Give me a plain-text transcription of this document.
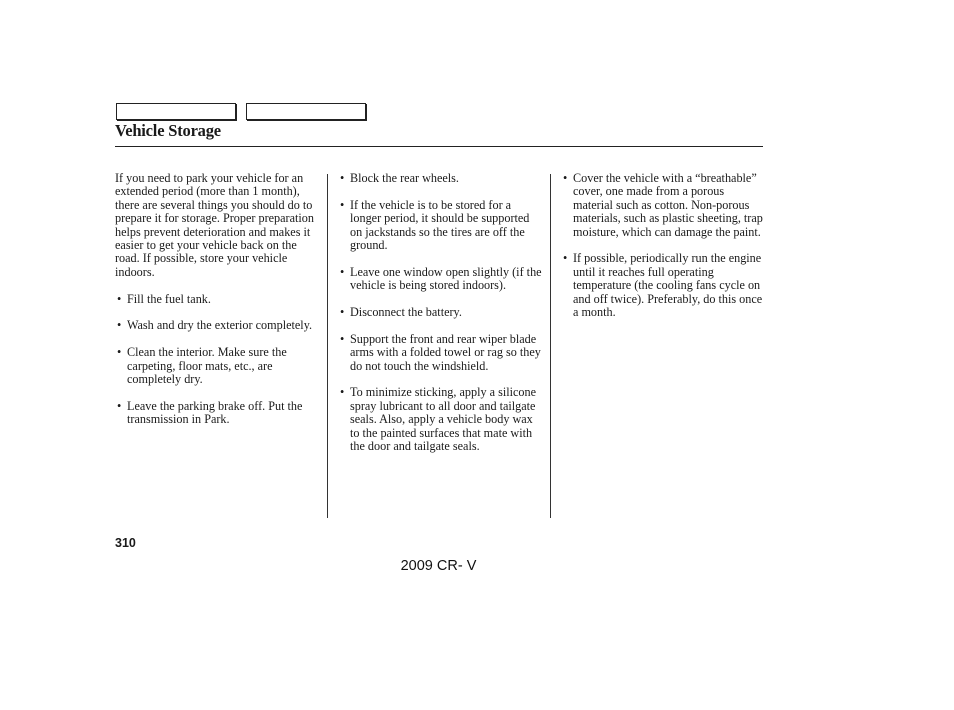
Vehicle Storage

If you need to park your vehicle for an extended period (more than 1 month), there are several things you should do to prepare it for storage. Proper preparation helps prevent deterioration and makes it easier to get your vehicle back on the road. If possible, store your vehicle indoors.

• Fill the fuel tank.
• Wash and dry the exterior completely.
• Clean the interior. Make sure the carpeting, floor mats, etc., are completely dry.
• Leave the parking brake off. Put the transmission in Park.
• Block the rear wheels.
• If the vehicle is to be stored for a longer period, it should be supported on jackstands so the tires are off the ground.
• Leave one window open slightly (if the vehicle is being stored indoors).
• Disconnect the battery.
• Support the front and rear wiper blade arms with a folded towel or rag so they do not touch the windshield.
• To minimize sticking, apply a silicone spray lubricant to all door and tailgate seals. Also, apply a vehicle body wax to the painted surfaces that mate with the door and tailgate seals.
• Cover the vehicle with a “breathable” cover, one made from a porous material such as cotton. Non-porous materials, such as plastic sheeting, trap moisture, which can damage the paint.
• If possible, periodically run the engine until it reaches full operating temperature (the cooling fans cycle on and off twice). Preferably, do this once a month.
310
2009 CR- V
